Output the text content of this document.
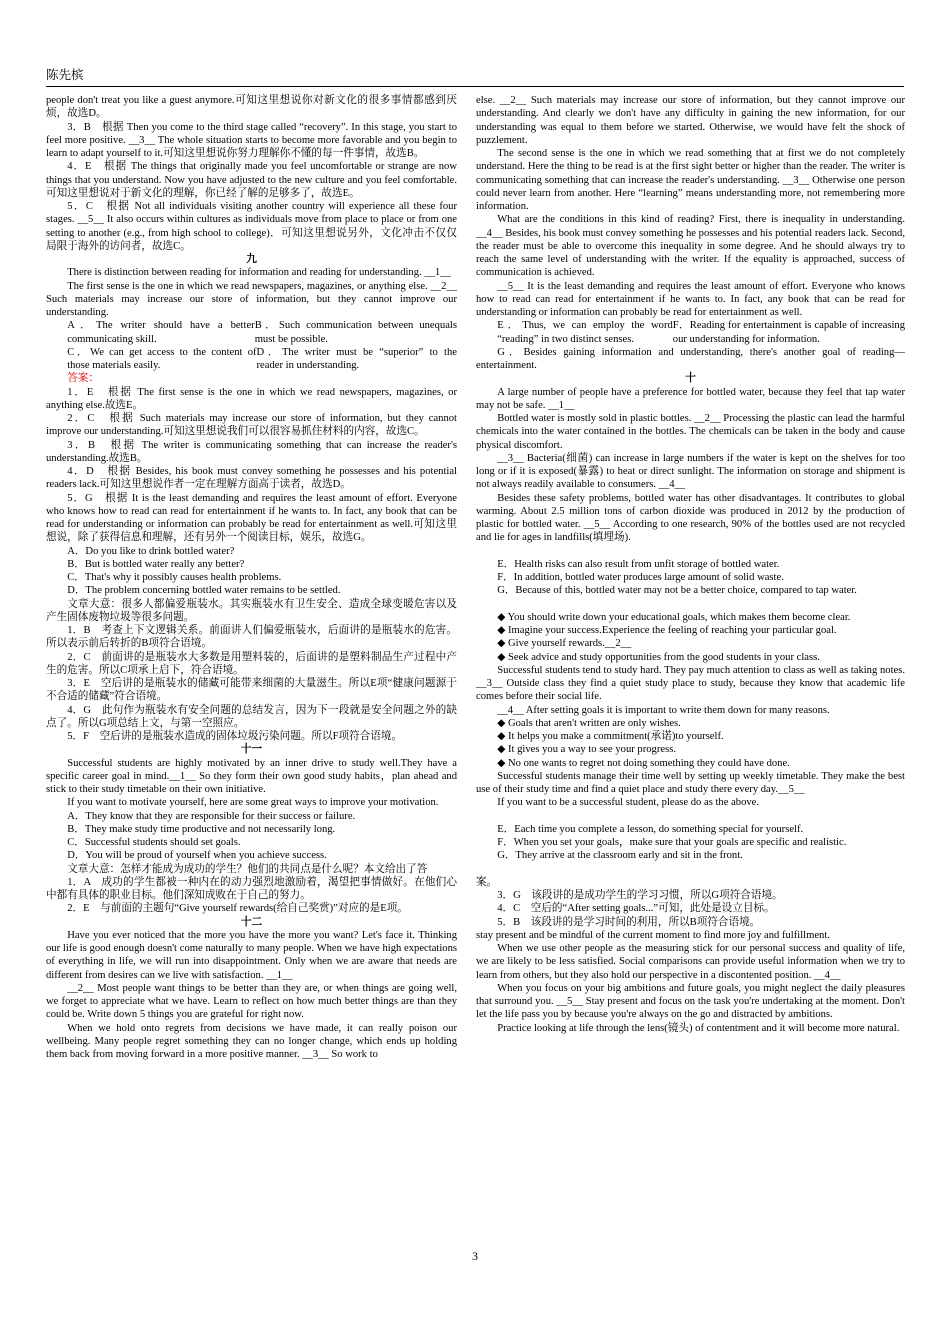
陈先槟

people don't treat you like a guest anymore.可知这里想说你对新文化的很多事情都感到厌烦，故选D。

3．B　根据 Then you come to the third stage called “recovery”. In this stage, you start to feel more positive. __3__ The whole situation starts to become more favorable and you begin to learn to adapt yourself to it.可知这里想说你努力理解你不懂的每一件事情，故选B。

4．E　根据 The things that originally made you feel uncomfortable or strange are now things that you understand. Now you have adjusted to the new culture and you feel comfortable. 可知这里想说对于新文化的理解，你已经了解的足够多了，故选E。

5．C　根据 Not all individuals visiting another country will experience all these four stages. __5__ It also occurs within cultures as individuals move from place to place or from one setting to another (e.g., from high school to college)．可知这里想说另外，文化冲击不仅仅局限于海外的访问者，故选C。

九

There is distinction between reading for information and reading for understanding. __1__

The first sense is the one in which we read newspapers, magazines, or anything else. __2__ Such materials may increase our store of information, but they cannot improve our understanding.

A．The writer should have a better communicating skill.
B．Such communication between unequals must be possible.
C．We can get access to the content of those materials easily.
D．The writer must be “superior” to the reader in understanding.

答案：

1．E　根据 The first sense is the one in which we read newspapers, magazines, or anything else.故选E。

2．C　根据 Such materials may increase our store of information, but they cannot improve our understanding.可知这里想说我们可以很容易抓住材料的内容，故选C。

3．B　根据 The writer is communicating something that can increase the reader's understanding.故选B。

4．D　根据 Besides, his book must convey something he possesses and his potential readers lack.可知这里想说作者一定在理解方面高于读者，故选D。

5．G　根据 It is the least demanding and requires the least amount of effort. Everyone who knows how to read can read for entertainment if he wants to. In fact, any book that can be read for understanding or information can probably be read for entertainment as well.可知这里想说，除了获得信息和理解，还有另外一个阅读目标，娱乐，故选G。

A．Do you like to drink bottled water?

B．But is bottled water really any better?

C．That's why it possibly causes health problems.

D．The problem concerning bottled water remains to be settled.

文章大意：很多人都偏爱瓶装水。其实瓶装水有卫生安全、造成全球变暖危害以及产生固体废物垃圾等很多问题。

1．B　考查上下文逻辑关系。前面讲人们偏爱瓶装水，后面讲的是瓶装水的危害。所以表示前后转折的B项符合语境。

2．C　前面讲的是瓶装水大多数是用塑料装的，后面讲的是塑料制品生产过程中产生的危害。所以C项承上启下，符合语境。

3．E　空后讲的是瓶装水的储藏可能带来细菌的大量滋生。所以E项“健康问题源于不合适的储藏”符合语境。

4．G　此句作为瓶装水有安全问题的总结发言，因为下一段就是安全问题之外的缺点了。所以G项总结上文，与第一空照应。

5．F　空后讲的是瓶装水造成的固体垃圾污染问题。所以F项符合语境。

十一

Successful students are highly motivated by an inner drive to study well.They have a specific career goal in mind.__1__ So they form their own good study habits，plan ahead and stick to their study timetable on their own initiative.

If you want to motivate yourself, here are some great ways to improve your motivation.

A．They know that they are responsible for their success or failure.

B．They make study time productive and not necessarily long.

C．Successful students should set goals.

D．You will be proud of yourself when you achieve success.

文章大意：怎样才能成为成功的学生？他们的共同点是什么呢？本文给出了答

1．A　成功的学生都被一种内在的动力强烈地激励着，渴望把事情做好。在他们心中都有具体的职业目标。他们深知成败在于自己的努力。

2．E　与前面的主题句“Give yourself rewards(给自己奖赏)”对应的是E项。

十二

Have you ever noticed that the more you have the more you want? Let's face it. Thinking our life is good enough doesn't come naturally to many people. When we have high expectations of everything in life, we will run into disappointment. Only when we are aware that needs are different from desires can we live with satisfaction. __1__

__2__ Most people want things to be better than they are, or when things are going well, we forget to appreciate what we have. Learn to reflect on how much better things are than they could be. Write down 5 things you are grateful for right now.

When we hold onto regrets from decisions we have made, it can really poison our wellbeing. Many people regret something they can no longer change, which ends up holding them back from moving forward in a more positive manner. __3__ So work to

else. __2__ Such materials may increase our store of information, but they cannot improve our understanding. And clearly we don't have any difficulty in gaining the new information, for our understanding was equal to them before we started. Otherwise, we would have felt the shock of puzzlement.

The second sense is the one in which we read something that at first we do not completely understand. Here the thing to be read is at the first sight better or higher than the reader. The writer is communicating something that can increase the reader's understanding. __3__ Otherwise one person could never learn from another. Here “learning” means understanding more, not remembering more information.

What are the conditions in this kind of reading? First, there is inequality in understanding. __4__ Besides, his book must convey something he possesses and his potential readers lack. Second, the reader must be able to overcome this inequality in some degree. And he should always try to reach the same level of understanding with the writer. If the equality is approached, success of communication is achieved.

__5__ It is the least demanding and requires the least amount of effort. Everyone who knows how to read can read for entertainment if he wants to. In fact, any book that can be read for understanding or information can probably be read for entertainment as well.

E．Thus, we can employ the word “reading” in two distinct senses.
F．Reading for entertainment is capable of increasing our understanding for information.

G．Besides gaining information and understanding, there's another goal of reading—entertainment.

十

A large number of people have a preference for bottled water, because they feel that tap water may not be safe. __1__

Bottled water is mostly sold in plastic bottles. __2__ Processing the plastic can lead the harmful chemicals into the water contained in the bottles. The chemicals can be taken in the body and cause physical discomfort.

__3__ Bacteria(细菌) can increase in large numbers if the water is kept on the shelves for too long or if it is exposed(暴露) to heat or direct sunlight. The information on storage and shipment is not always readily available to consumers. __4__

Besides these safety problems, bottled water has other disadvantages. It contributes to global warming. About 2.5 million tons of carbon dioxide was produced in 2012 by the production of plastic for bottled water. __5__ According to one research, 90% of the bottles used are not recycled and lie for ages in landfills(填埋场).

E．Health risks can also result from unfit storage of bottled water.

F．In addition, bottled water produces large amount of solid waste.

G．Because of this, bottled water may not be a better choice, compared to tap water.

◆ You should write down your educational goals, which makes them become clear.

◆ Imagine your success.Experience the feeling of reaching your particular goal.

◆ Give yourself rewards.__2__

◆ Seek advice and study opportunities from the good students in your class.

Successful students tend to study hard. They pay much attention to class as well as taking notes. __3__ Outside class they find a quiet study place to study, because they know that academic life comes before their social life.

__4__ After setting goals it is important to write them down for many reasons.

◆ Goals that aren't written are only wishes.

◆ It helps you make a commitment(承诺)to yourself.

◆ It gives you a way to see your progress.

◆ No one wants to regret not doing something they could have done.

Successful students manage their time well by setting up weekly timetable. They make the best use of their study time and find a quiet place and study there every day.__5__

If you want to be a successful student, please do as the above.

E．Each time you complete a lesson, do something special for yourself.

F．When you set your goals，make sure that your goals are specific and realistic.

G．They arrive at the classroom early and sit in the front.

案。

3．G　该段讲的是成功学生的学习习惯，所以G项符合语境。

4．C　空后的“After setting goals...”可知，此处是设立目标。

5．B　该段讲的是学习时间的利用，所以B项符合语境。

stay present and be mindful of the current moment to find more joy and fulfillment.

When we use other people as the measuring stick for our personal success and quality of life, we are likely to be less satisfied. Social comparisons can provide useful information when we try to learn from others, but they also hold our perspective in a discontented position. __4__

When you focus on your big ambitions and future goals, you might neglect the daily pleasures that surround you. __5__ Stay present and focus on the task you're undertaking at the moment. Don't let the life pass you by because you're always on the go and distracted by ambitions.

Practice looking at life through the lens(镜头) of contentment and it will become more natural.

3
